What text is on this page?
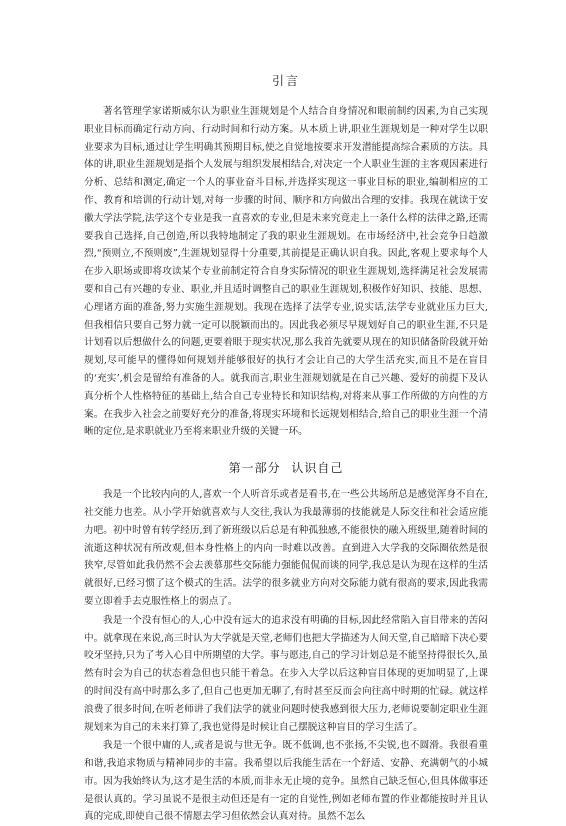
引言

著名管理学家诺斯威尔认为职业生涯规划是个人结合自身情况和眼前制约因素,为自己实现职业目标而确定行动方向、行动时间和行动方案。从本质上讲,职业生涯规划是一种对学生以职业要求为目标,通过让学生明确其预期目标,使之自觉地按要求开发潜能提高综合素质的方法。具体的讲,职业生涯规划是指个人发展与组织发展相结合,对决定一个人职业生涯的主客观因素进行分析、总结和测定,确定一个人的事业奋斗目标,并选择实现这一事业目标的职业,编制相应的工作、教育和培训的行动计划,对每一步骤的时间、顺序和方向做出合理的安排。我现在就读于安徽大学法学院,法学这个专业是我一直喜欢的专业,但是未来究竟走上一条什么样的法律之路,还需要我自己选择,自己创造,所以我特地制定了我的职业生涯规划。在市场经济中,社会竞争日趋激烈,“预则立,不预则废”,生涯规划显得十分重要,其前提是正确认识自我。因此,客观上要求每个人在步入职场或即将攻读某个专业前制定符合自身实际情况的职业生涯规划,选择满足社会发展需要和自己有兴趣的专业、职业,并且适时调整自己的职业生涯规划,积极作好知识、技能、思想、心理诸方面的准备,努力实施生涯规划。我现在选择了法学专业,说实话,法学专业就业压力巨大,但我相信只要自己努力就一定可以脱颖而出的。因此我必须尽早规划好自己的职业生涯,不只是计划看以后想做什么的问题,更要着眼于现实状况,那么我首先就要从现在的知识储备阶段就开始规划,尽可能早的懂得如何规划并能够很好的执行才会让自己的大学生活充实,而且不是在盲目的‘充实’,机会是留给有准备的人。就我而言,职业生涯规划就是在自己兴趣、爱好的前提下及认真分析个人性格特征的基础上,结合自己专业特长和知识结构,对将来从事工作所做的方向性的方案。在我步入社会之前要好充分的准备,将现实环境和长远规划相结合,给自己的职业生涯一个清晰的定位,是求职就业乃至将来职业升级的关键一环。

第一部分 认识自己

我是一个比较内向的人,喜欢一个人听音乐或者是看书,在一些公共场所总是感觉浑身不自在,社交能力也差。从小学开始就喜欢与人交往,我认为我最薄弱的技能就是人际交往和社会适应能力吧。初中时曾有转学经历,到了新班级以后总是有种孤独感,不能很快的融入班级里,随着时间的流逝这种状况有所改观,但本身性格上的内向一时难以改善。直到进入大学我的交际圈依然是很狭窄,尽管如此我仍然不会去羡慕那些交际能力强能侃侃而谈的同学,我总是认为现在这样的生活就很好,已经习惯了这个模式的生活。法学的很多就业方向对交际能力就有很高的要求,因此我需要立即着手去克服性格上的弱点了。

我是一个没有恒心的人,心中没有远大的追求没有明确的目标,因此经常陷入盲目带来的苦闷中。就拿现在来说,高三时认为大学就是天堂,老师们也把大学描述为人间天堂,自己暗暗下决心要咬牙坚持,只为了考入心目中所期望的大学。事与愿违,自己的学习计划总是不能坚持得很长久,虽然有时会为自己的状态着急但也只能干着急。在步入大学以后这种盲目体现的更加明显了,上课的时间没有高中时那么多了,但自己也更加无聊了,有时甚至反而会向往高中时期的忙碌。就这样浪费了很多时间,在听老师讲了我们法学的就业问题时使我感到很大压力,老师说要制定职业生涯规划来为自己的未来打算了,我也觉得是时候让自己摆脱这种盲目的学习生活了。

我是一个很中庸的人,或者是说与世无争。既不低调,也不张扬,不尖锐,也不圆滑。我很看重和谐,我追求物质与精神同步的丰富。我希望以后我能生活在一个舒适、安静、充满朝气的小城市。因为我始终认为,这才是生活的本质,而非永无止境的竞争。虽然自己缺乏恒心,但具体做事还是很认真的。学习虽说不是很主动但还是有一定的自觉性,例如老师布置的作业都能按时并且认真的完成,即使自己很不情愿去学习但依然会认真对待。虽然不怎么
